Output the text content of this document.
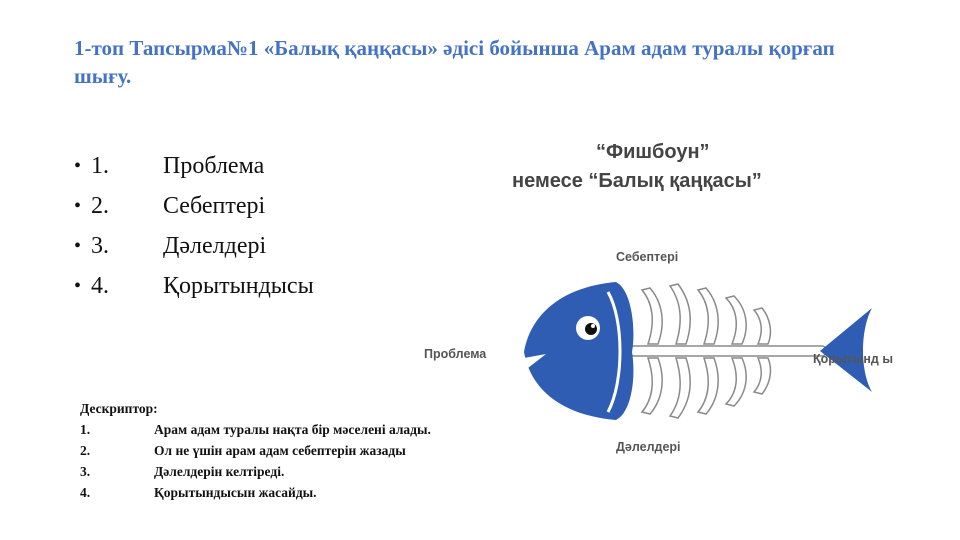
1-топ Тапсырма№1 «Балық қаңқасы» әдісі бойынша Арам адам туралы қорғап шығу.
• 1.	Проблема
• 2.	Себептері
• 3.	Дәлелдері
• 4.	Қорытындысы
“Фишбоун”
немесе “Балық қаңқасы”
Себептері
Проблема	Қорытынд ы
Дәлелдері
Дескриптор:
1.	Арам адам туралы нақта бір мәселені алады.
2.	Ол не үшін арам адам себептерін жазады
3.	Дәлелдерін келтіреді.
4.	Қорытындысын жасайды.
